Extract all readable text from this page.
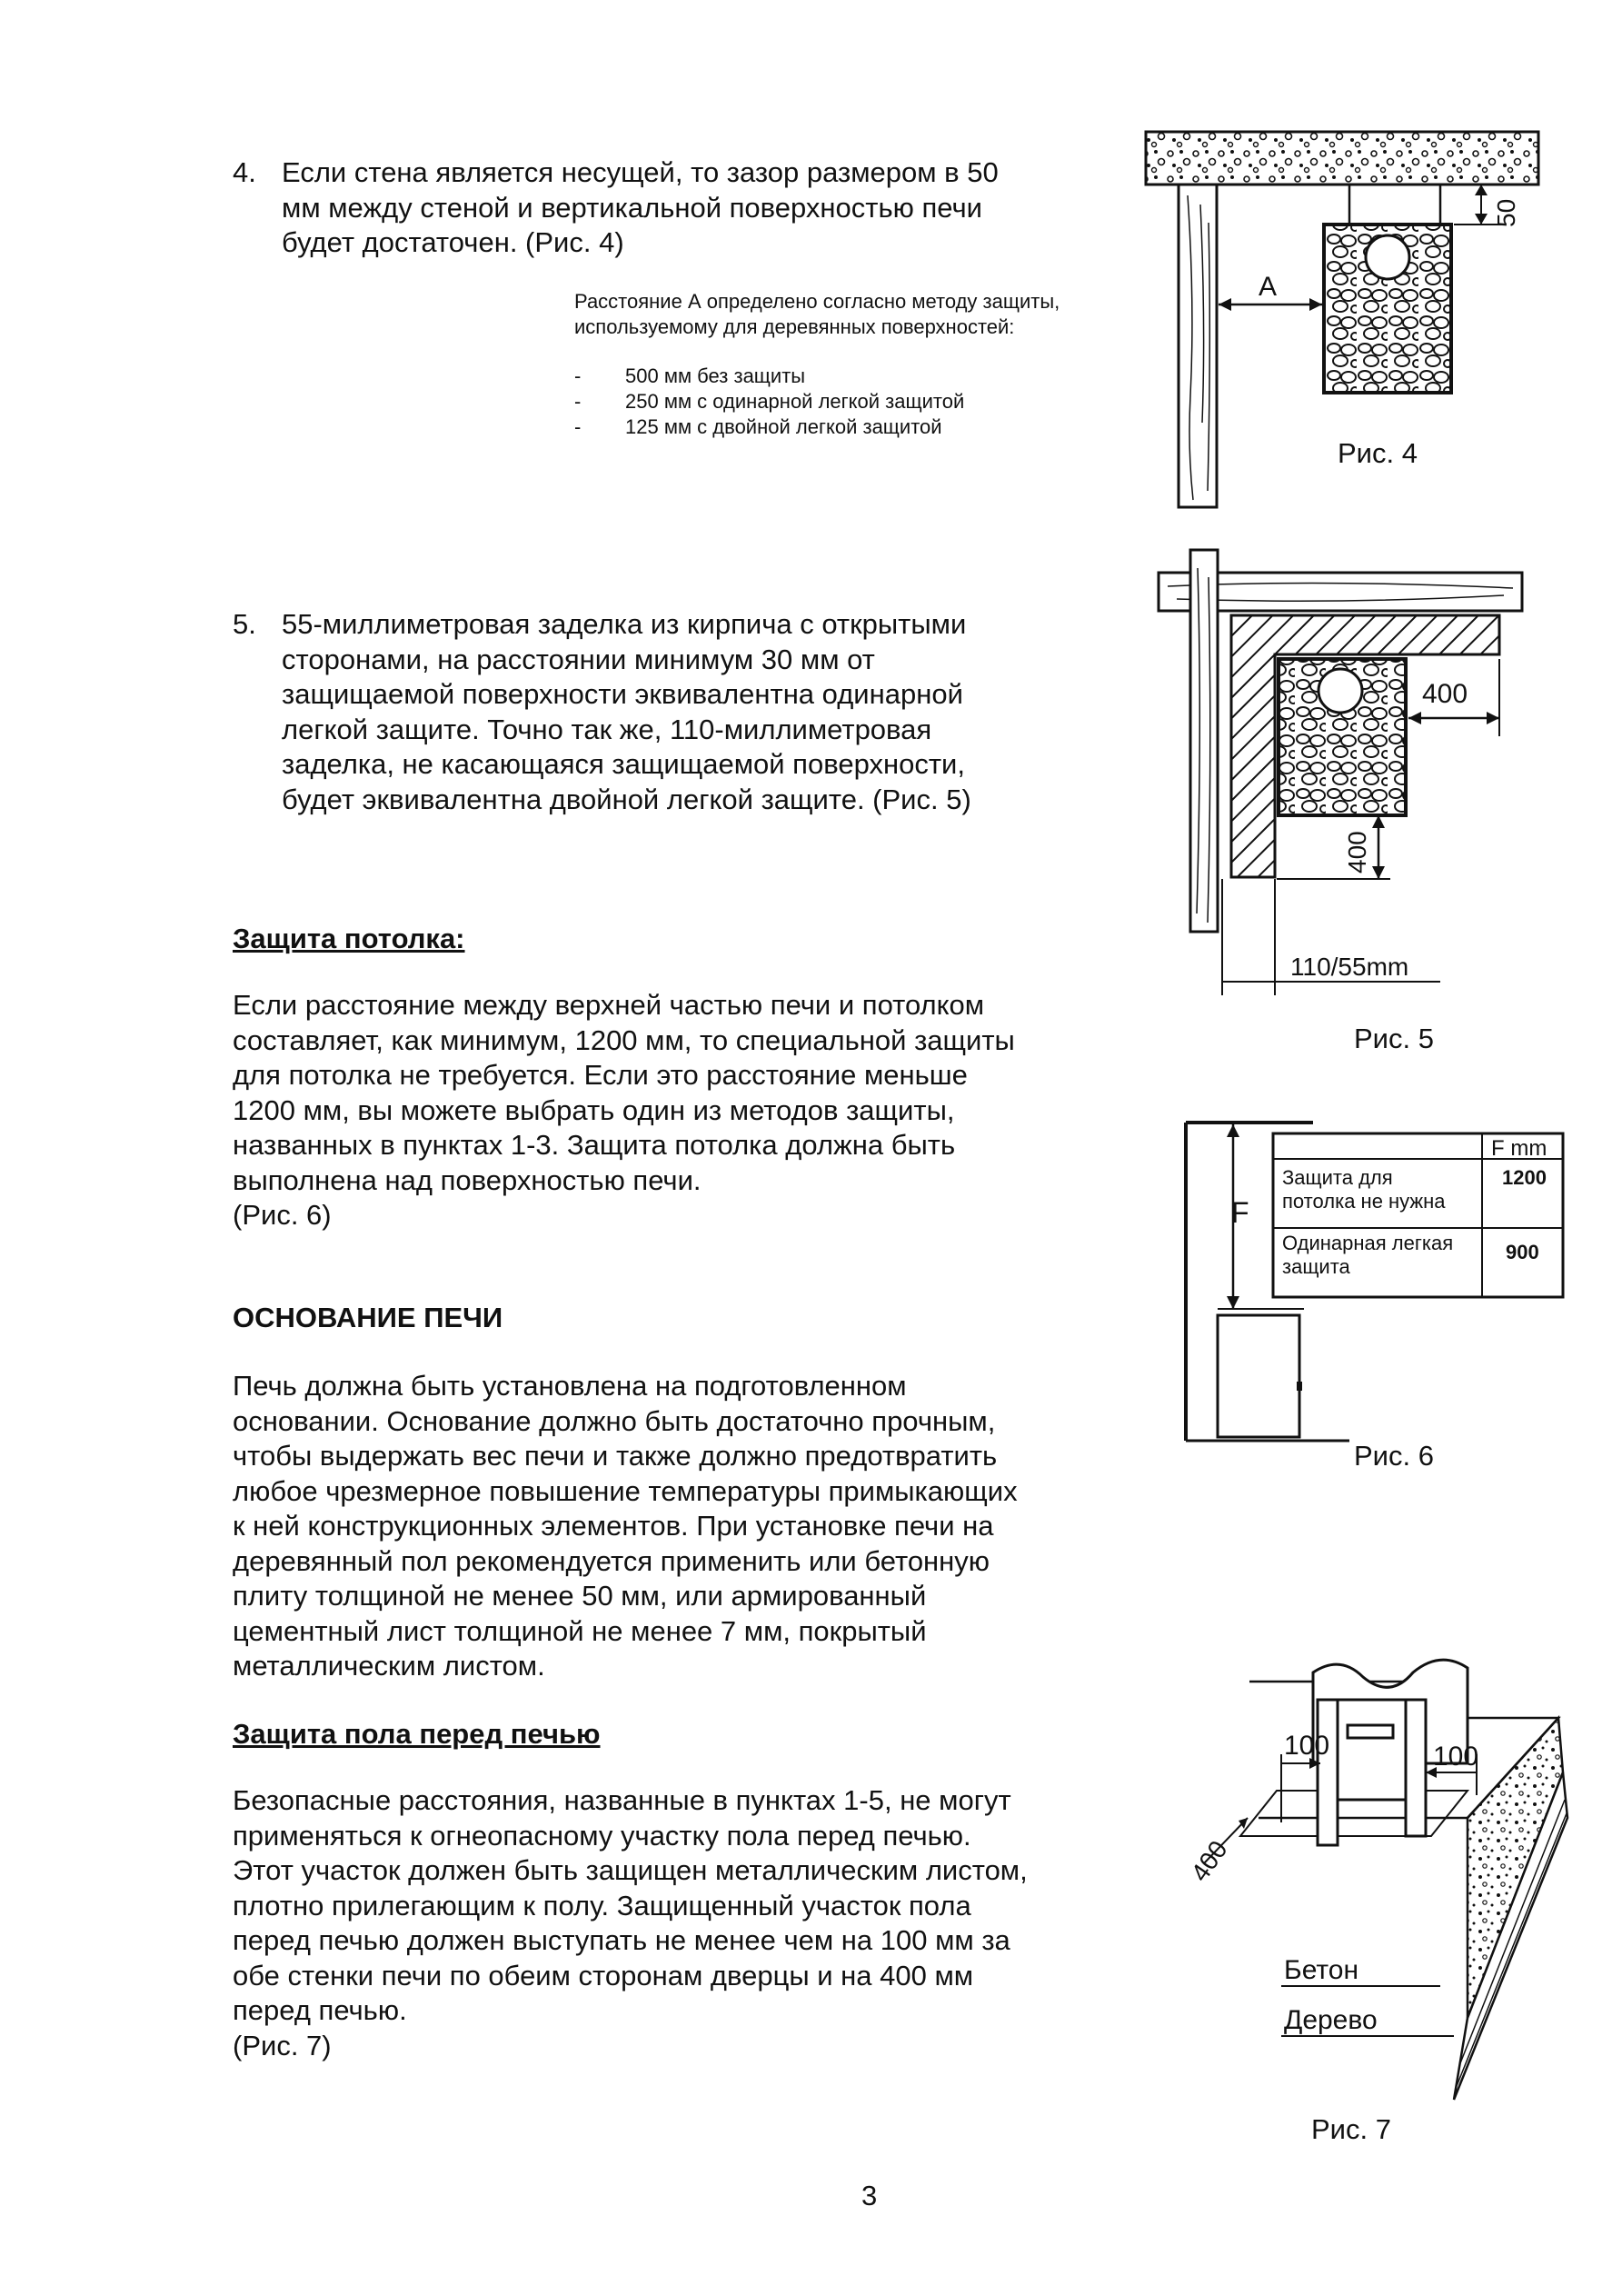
4. Если стена является несущей, то зазор размером в 50
мм между стеной и вертикальной поверхностью печи
будет достаточен. (Рис. 4)
Расстояние А определено согласно методу защиты,
используемому для деревянных поверхностей:
-
-
-
500 мм без защиты
250 мм с одинарной легкой защитой
125 мм с двойной легкой защитой
5. 55-миллиметровая заделка из кирпича с открытыми
сторонами, на расстоянии минимум 30 мм от
защищаемой поверхности эквивалентна одинарной
легкой защите. Точно так же, 110-миллиметровая
заделка, не касающаяся защищаемой поверхности,
будет эквивалентна двойной легкой защите. (Рис. 5)
Защита потолка:
Если расстояние между верхней частью печи и потолком
составляет, как минимум, 1200 мм, то специальной защиты
для потолка не требуется. Если это расстояние меньше
1200 мм, вы можете выбрать один из методов защиты,
названных в пунктах 1-3. Защита потолка должна быть
выполнена над поверхностью печи.
(Рис. 6)
ОСНОВАНИЕ ПЕЧИ
Печь должна быть установлена на подготовленном
основании. Основание должно быть достаточно прочным,
чтобы выдержать вес печи и также должно предотвратить
любое чрезмерное повышение температуры примыкающих
к ней конструкционных элементов. При установке печи на
деревянный пол рекомендуется применить или бетонную
плиту толщиной не менее 50 мм, или армированный
цементный лист толщиной не менее 7 мм, покрытый
металлическим листом.
Защита пола перед печью
Безопасные расстояния, названные в пунктах 1-5, не могут
применяться к огнеопасному участку пола перед печью.
Этот участок должен быть защищен металлическим листом,
плотно прилегающим к полу. Защищенный участок пола
перед печью должен выступать не менее чем на 100 мм за
обе стенки печи по обеим сторонам дверцы и на 400 мм
перед печью.
(Рис. 7)
A
50
Рис. 4
400
400
110/55mm
Рис. 5
F
F mm
Защита для
потолка не нужна
1200
Одинарная легкая
защита
900
Рис. 6
100	100
400
Бетон
Дерево
Рис. 7
3
